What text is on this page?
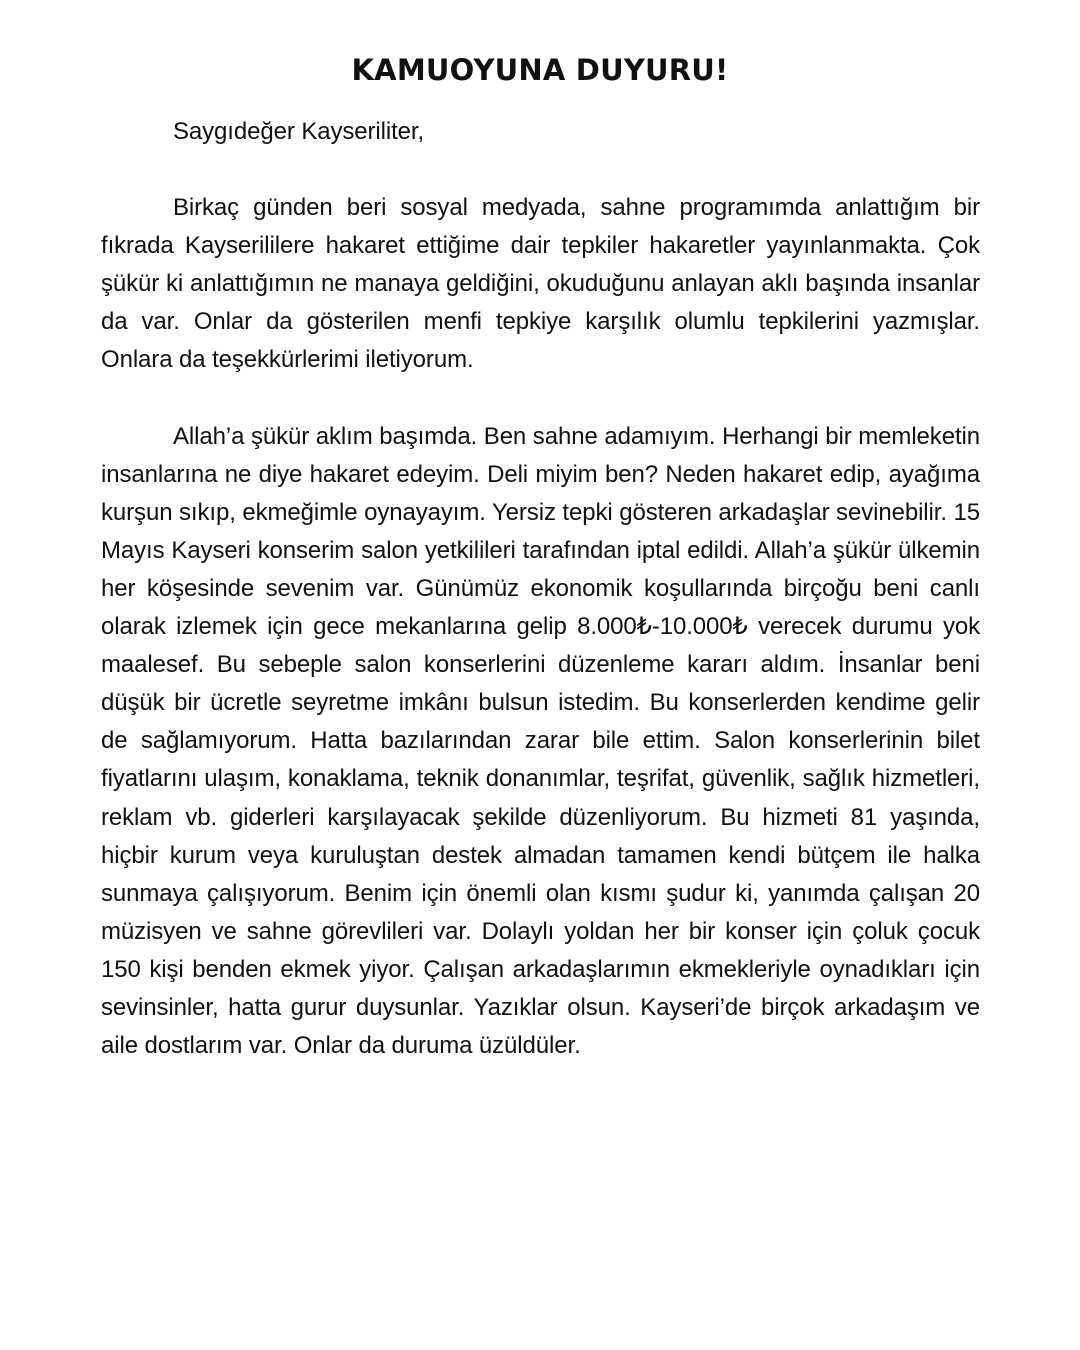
KAMUOYUNA DUYURU!

Saygıdeğer Kayseriliter,

Birkaç günden beri sosyal medyada, sahne programımda anlattığım bir fıkrada Kayserililere hakaret ettiğime dair tepkiler hakaretler yayınlanmakta. Çok şükür ki anlattığımın ne manaya geldiğini, okuduğunu anlayan aklı başında insanlar da var. Onlar da gösterilen menfi tepkiye karşılık olumlu tepkilerini yazmışlar. Onlara da teşekkürlerimi iletiyorum.

Allah’a şükür aklım başımda. Ben sahne adamıyım. Herhangi bir memleketin insanlarına ne diye hakaret edeyim. Deli miyim ben? Neden hakaret edip, ayağıma kurşun sıkıp, ekmeğimle oynayayım. Yersiz tepki gösteren arkadaşlar sevinebilir. 15 Mayıs Kayseri konserim salon yetkilileri tarafından iptal edildi. Allah’a şükür ülkemin her köşesinde sevenim var. Günümüz ekonomik koşullarında birçoğu beni canlı olarak izlemek için gece mekanlarına gelip 8.000₺-10.000₺ verecek durumu yok maalesef. Bu sebeple salon konserlerini düzenleme kararı aldım. İnsanlar beni düşük bir ücretle seyretme imkânı bulsun istedim. Bu konserlerden kendime gelir de sağlamıyorum. Hatta bazılarından zarar bile ettim. Salon konserlerinin bilet fiyatlarını ulaşım, konaklama, teknik donanımlar, teşrifat, güvenlik, sağlık hizmetleri, reklam vb. giderleri karşılayacak şekilde düzenliyorum. Bu hizmeti 81 yaşında, hiçbir kurum veya kuruluştan destek almadan tamamen kendi bütçem ile halka sunmaya çalışıyorum. Benim için önemli olan kısmı şudur ki, yanımda çalışan 20 müzisyen ve sahne görevlileri var. Dolaylı yoldan her bir konser için çoluk çocuk 150 kişi benden ekmek yiyor. Çalışan arkadaşlarımın ekmekleriyle oynadıkları için sevinsinler, hatta gurur duysunlar. Yazıklar olsun. Kayseri’de birçok arkadaşım ve aile dostlarım var. Onlar da duruma üzüldüler.
